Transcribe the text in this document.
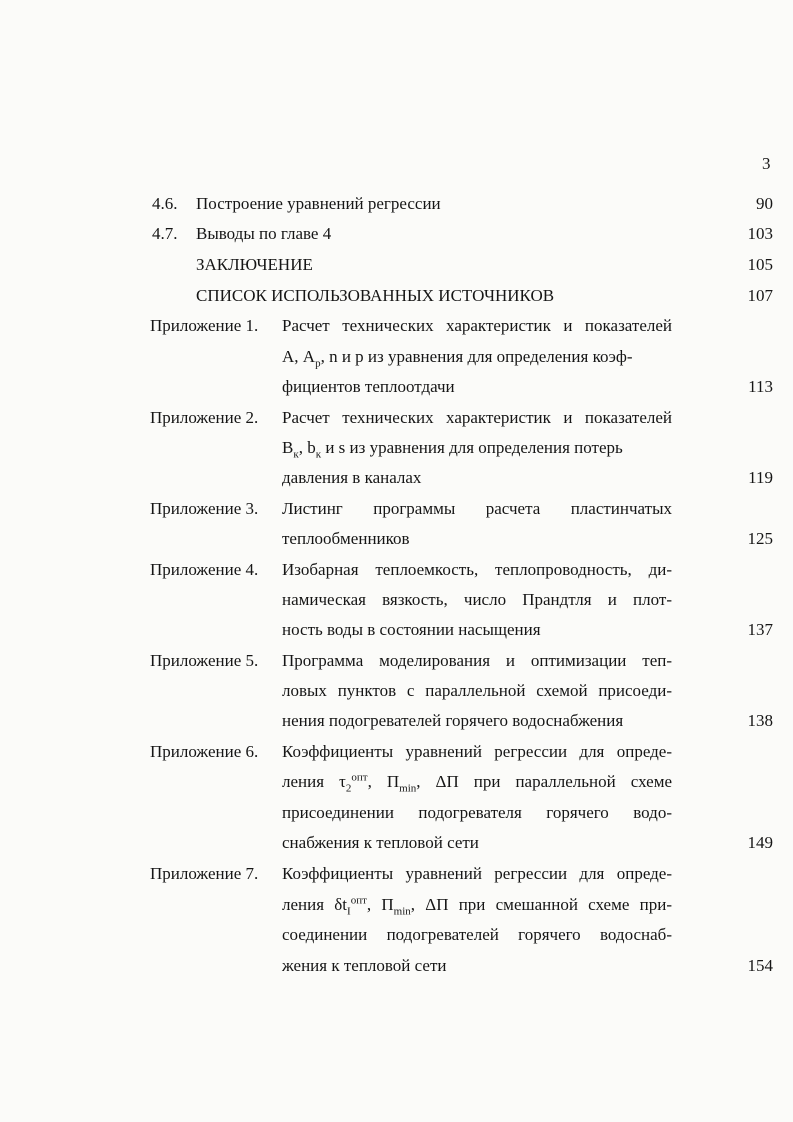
3
4.6. Построение уравнений регрессии	90
4.7. Выводы по главе 4	103
ЗАКЛЮЧЕНИЕ	105
СПИСОК ИСПОЛЬЗОВАННЫХ ИСТОЧНИКОВ	107
Приложение 1. Расчет технических характеристик и показателей
А, $А_р$, n и p из уравнения для определения коэф-
фициентов теплоотдачи	113
Приложение 2. Расчет технических характеристик и показателей
$B_к$, $b_к$ и s из уравнения для определения потерь
давления в каналах	119
Приложение 3. Листинг программы расчета пластинчатых
теплообменников	125
Приложение 4. Изобарная теплоемкость, теплопроводность, ди-
намическая вязкость, число Прандтля и плот-
ность воды в состоянии насыщения	137
Приложение 5. Программа моделирования и оптимизации теп-
ловых пунктов с параллельной схемой присоеди-
нения подогревателей горячего водоснабжения	138
Приложение 6. Коэффициенты уравнений регрессии для опреде-
ления $\tau_2^{опт}$, $П_{min}$, ΔП при параллельной схеме
присоединении подогревателя горячего водо-
снабжения к тепловой сети	149
Приложение 7. Коэффициенты уравнений регрессии для опреде-
ления $\delta t_I^{опт}$, $П_{min}$, ΔП при смешанной схеме при-
соединении подогревателей горячего водоснаб-
жения к тепловой сети	154
